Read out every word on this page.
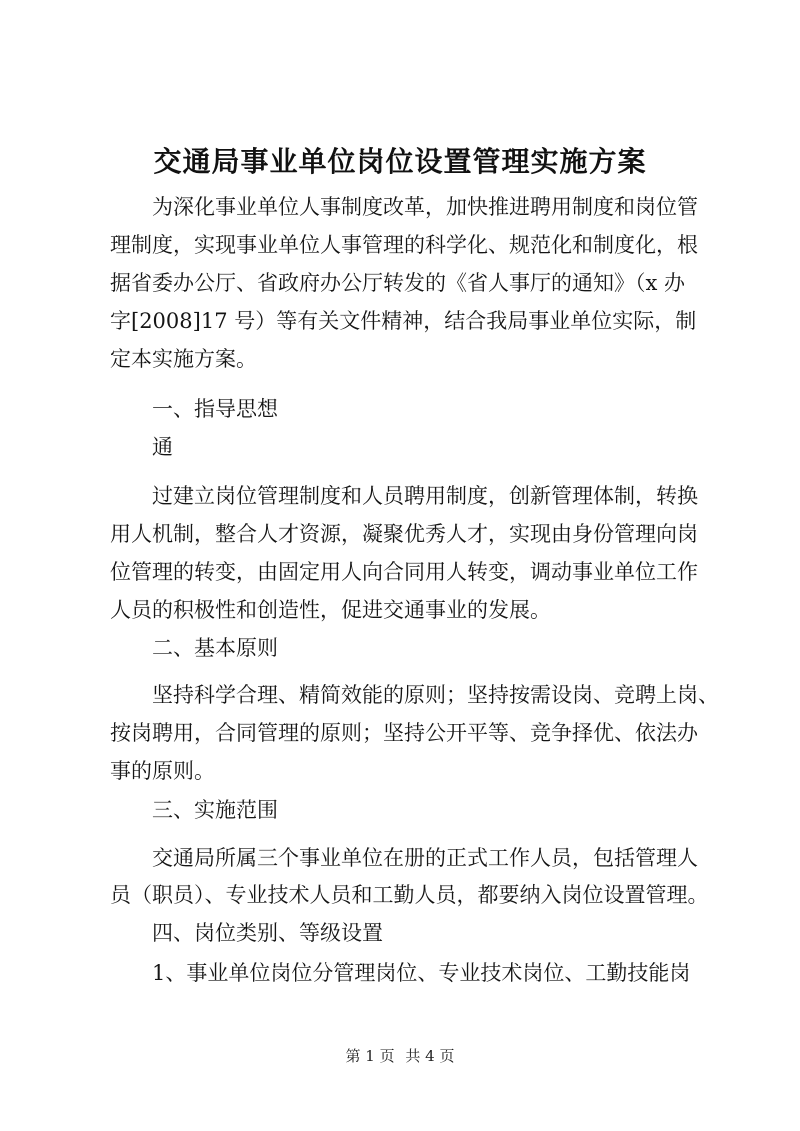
交通局事业单位岗位设置管理实施方案
为深化事业单位人事制度改革，加快推进聘用制度和岗位管
理制度，实现事业单位人事管理的科学化、规范化和制度化，根
据省委办公厅、省政府办公厅转发的《省人事厅的通知》（x 办
字[2008]17 号）等有关文件精神，结合我局事业单位实际，制
定本实施方案。
一、指导思想
通
过建立岗位管理制度和人员聘用制度，创新管理体制，转换
用人机制，整合人才资源，凝聚优秀人才，实现由身份管理向岗
位管理的转变，由固定用人向合同用人转变，调动事业单位工作
人员的积极性和创造性，促进交通事业的发展。
二、基本原则
坚持科学合理、精简效能的原则；坚持按需设岗、竞聘上岗、
按岗聘用，合同管理的原则；坚持公开平等、竞争择优、依法办
事的原则。
三、实施范围
交通局所属三个事业单位在册的正式工作人员，包括管理人
员（职员）、专业技术人员和工勤人员，都要纳入岗位设置管理。
四、岗位类别、等级设置
1、事业单位岗位分管理岗位、专业技术岗位、工勤技能岗
第 1 页 共 4 页
